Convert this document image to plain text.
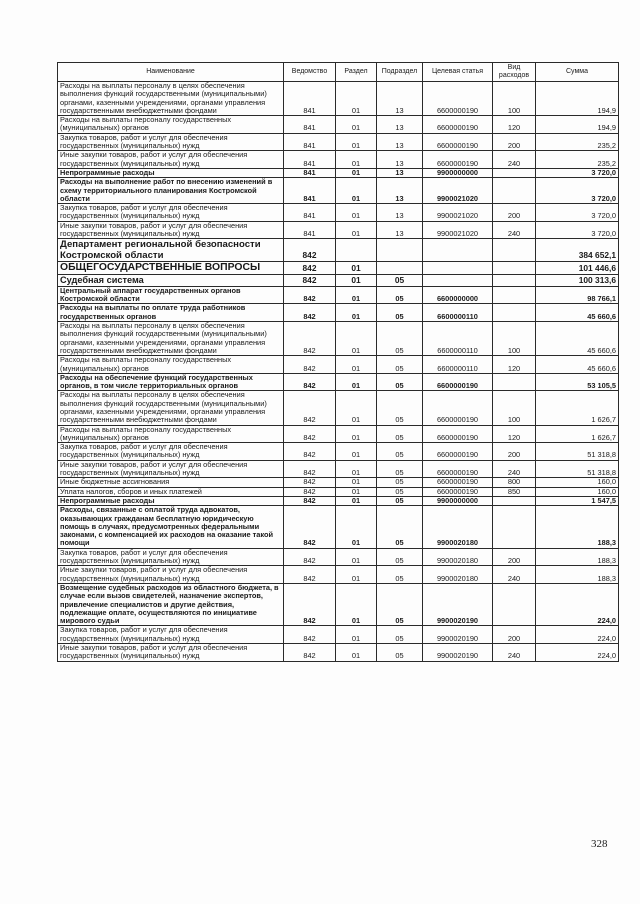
Наименование	Ведомство	Раздел	Подраздел	Целевая статья	Вид расходов	Сумма
Расходы на выплаты персоналу в целях обеспечения выполнения функций государственными (муниципальными) органами, казенными учреждениями, органами управления государственными внебюджетными фондами	841	01	13	6600000190	100	194,9
Расходы на выплаты персоналу государственных (муниципальных) органов	841	01	13	6600000190	120	194,9
Закупка товаров, работ и услуг для обеспечения государственных (муниципальных) нужд	841	01	13	6600000190	200	235,2
Иные закупки товаров, работ и услуг для обеспечения государственных (муниципальных) нужд	841	01	13	6600000190	240	235,2
Непрограммные расходы	841	01	13	9900000000		3 720,0
Расходы на выполнение работ по внесению изменений в схему территориального планирования Костромской области	841	01	13	9900021020		3 720,0
Закупка товаров, работ и услуг для обеспечения государственных (муниципальных) нужд	841	01	13	9900021020	200	3 720,0
Иные закупки товаров, работ и услуг для обеспечения государственных (муниципальных) нужд	841	01	13	9900021020	240	3 720,0
Департамент региональной безопасности Костромской области	842					384 652,1
ОБЩЕГОСУДАРСТВЕННЫЕ ВОПРОСЫ	842	01				101 446,6
Судебная система	842	01	05			100 313,6
Центральный аппарат государственных органов Костромской области	842	01	05	6600000000		98 766,1
Расходы на выплаты по оплате труда работников государственных органов	842	01	05	6600000110		45 660,6
Расходы на выплаты персоналу в целях обеспечения выполнения функций государственными (муниципальными) органами, казенными учреждениями, органами управления государственными внебюджетными фондами	842	01	05	6600000110	100	45 660,6
Расходы на выплаты персоналу государственных (муниципальных) органов	842	01	05	6600000110	120	45 660,6
Расходы на обеспечение функций государственных органов, в том числе территориальных органов	842	01	05	6600000190		53 105,5
Расходы на выплаты персоналу в целях обеспечения выполнения функций государственными (муниципальными) органами, казенными учреждениями, органами управления государственными внебюджетными фондами	842	01	05	6600000190	100	1 626,7
Расходы на выплаты персоналу государственных (муниципальных) органов	842	01	05	6600000190	120	1 626,7
Закупка товаров, работ и услуг для обеспечения государственных (муниципальных) нужд	842	01	05	6600000190	200	51 318,8
Иные закупки товаров, работ и услуг для обеспечения государственных (муниципальных) нужд	842	01	05	6600000190	240	51 318,8
Иные бюджетные ассигнования	842	01	05	6600000190	800	160,0
Уплата налогов, сборов и иных платежей	842	01	05	6600000190	850	160,0
Непрограммные расходы	842	01	05	9900000000		1 547,5
Расходы, связанные с оплатой труда адвокатов, оказывающих гражданам бесплатную юридическую помощь в случаях, предусмотренных федеральными законами, с компенсацией их расходов на оказание такой помощи	842	01	05	9900020180		188,3
Закупка товаров, работ и услуг для обеспечения государственных (муниципальных) нужд	842	01	05	9900020180	200	188,3
Иные закупки товаров, работ и услуг для обеспечения государственных (муниципальных) нужд	842	01	05	9900020180	240	188,3
Возмещение судебных расходов из областного бюджета, в случае если вызов свидетелей, назначение экспертов, привлечение специалистов и другие действия, подлежащие оплате, осуществляются по инициативе мирового судьи	842	01	05	9900020190		224,0
Закупка товаров, работ и услуг для обеспечения государственных (муниципальных) нужд	842	01	05	9900020190	200	224,0
Иные закупки товаров, работ и услуг для обеспечения государственных (муниципальных) нужд	842	01	05	9900020190	240	224,0
328
